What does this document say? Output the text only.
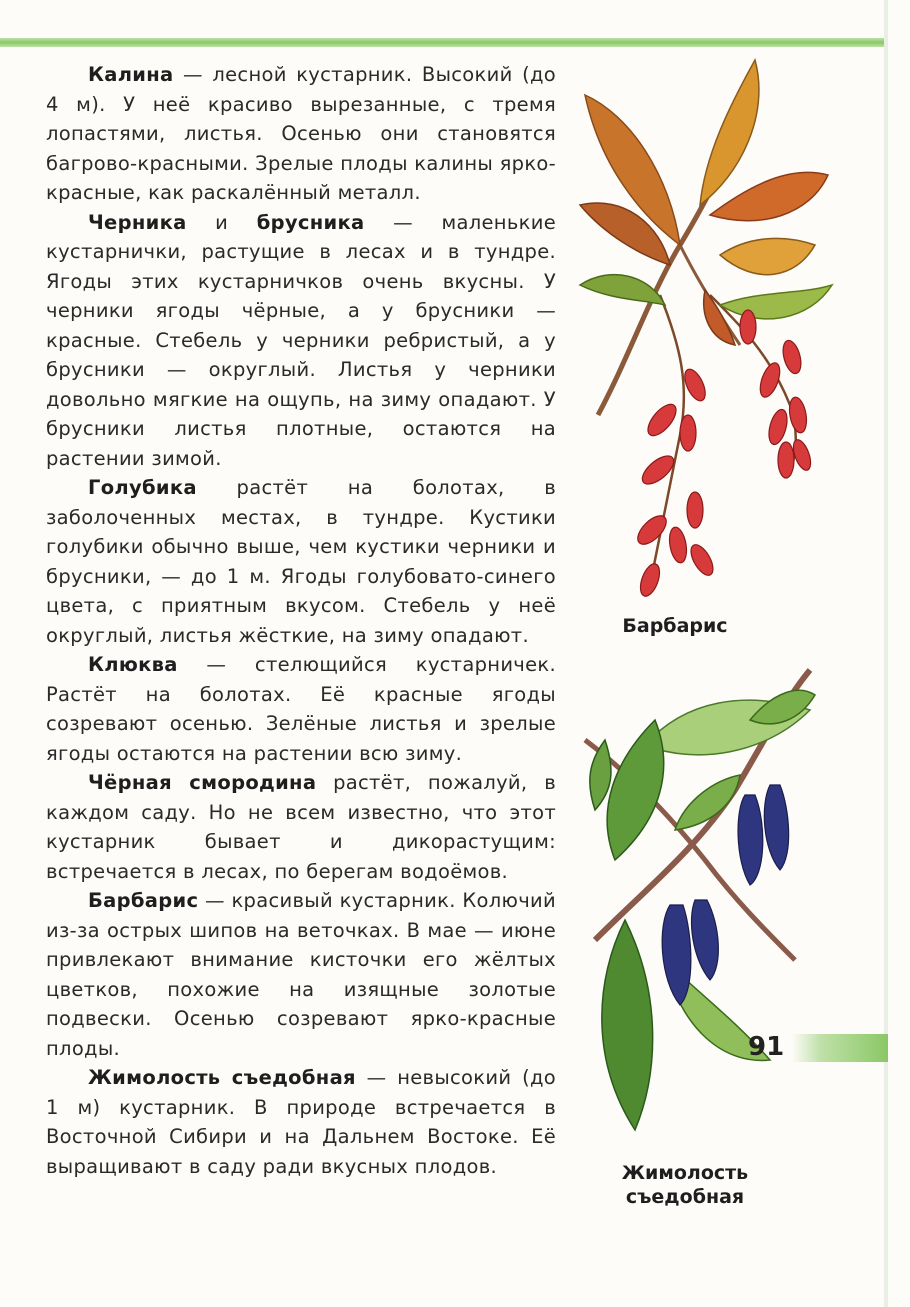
Калина — лесной кустарник. Высокий (до 4 м). У неё красиво вырезанные, с тремя лопастями, листья. Осенью они становятся багрово-красными. Зрелые плоды калины ярко-красные, как раскалённый металл.

Черника и брусника — маленькие кустарнички, растущие в лесах и в тундре. Ягоды этих кустарничков очень вкусны. У черники ягоды чёрные, а у брусники — красные. Стебель у черники ребристый, а у брусники — округлый. Листья у черники довольно мягкие на ощупь, на зиму опадают. У брусники листья плотные, остаются на растении зимой.

Голубика растёт на болотах, в заболоченных местах, в тундре. Кустики голубики обычно выше, чем кустики черники и брусники, — до 1 м. Ягоды голубовато-синего цвета, с приятным вкусом. Стебель у неё округлый, листья жёсткие, на зиму опадают.

Клюква — стелющийся кустарничек. Растёт на болотах. Её красные ягоды созревают осенью. Зелёные листья и зрелые ягоды остаются на растении всю зиму.

Чёрная смородина растёт, пожалуй, в каждом саду. Но не всем известно, что этот кустарник бывает и дикорастущим: встречается в лесах, по берегам водоёмов.

Барбарис — красивый кустарник. Колючий из-за острых шипов на веточках. В мае — июне привлекают внимание кисточки его жёлтых цветков, похожие на изящные золотые подвески. Осенью созревают ярко-красные плоды.

Жимолость съедобная — невысокий (до 1 м) кустарник. В природе встречается в Восточной Сибири и на Дальнем Востоке. Её выращивают в саду ради вкусных плодов.

Барбарис
Жимолость
съедобная
91
